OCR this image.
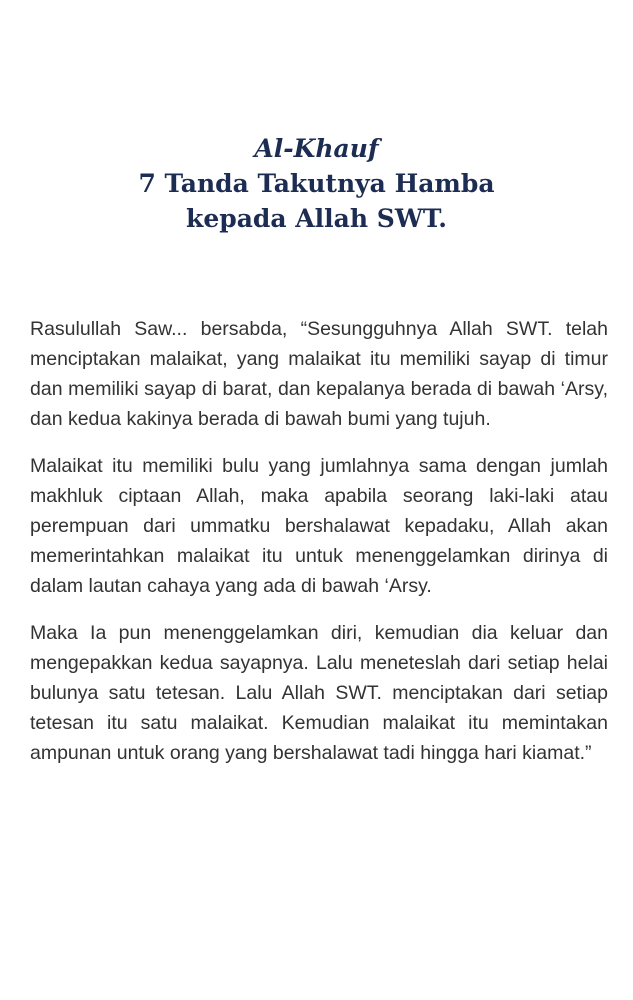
Al-Khauf
7 Tanda Takutnya Hamba
kepada Allah SWT.

Rasulullah Saw... bersabda, “Sesungguhnya Allah SWT. telah menciptakan malaikat, yang malaikat itu memiliki sayap di timur dan memiliki sayap di barat, dan kepalanya berada di bawah ‘Arsy, dan kedua kakinya berada di bawah bumi yang tujuh.

Malaikat itu memiliki bulu yang jumlahnya sama dengan jumlah makhluk ciptaan Allah, maka apabila seorang laki-laki atau perempuan dari ummatku bershalawat kepadaku, Allah akan memerintahkan malaikat itu untuk menenggelamkan dirinya di dalam lautan cahaya yang ada di bawah ‘Arsy.

Maka Ia pun menenggelamkan diri, kemudian dia keluar dan mengepakkan kedua sayapnya. Lalu meneteslah dari setiap helai bulunya satu tetesan. Lalu Allah SWT. menciptakan dari setiap tetesan itu satu malaikat. Kemudian malaikat itu memintakan ampunan untuk orang yang bershalawat tadi hingga hari kiamat.”
